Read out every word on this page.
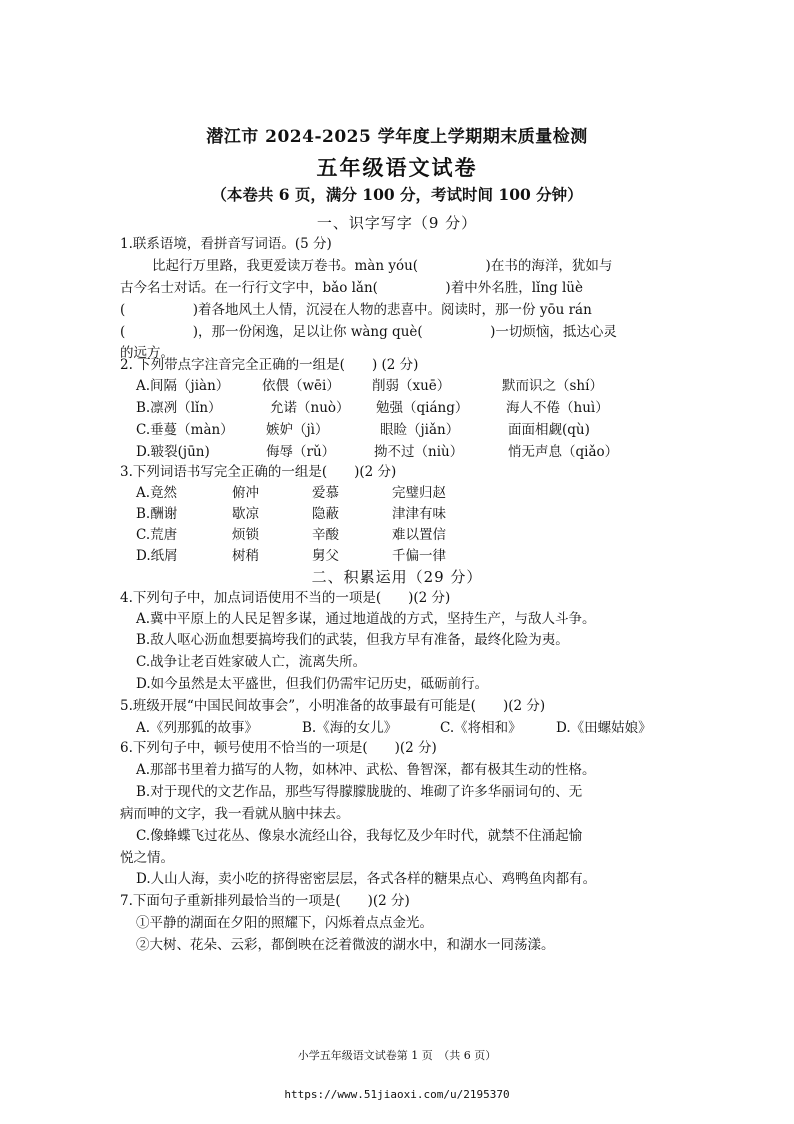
潜江市 2024-2025 学年度上学期期末质量检测
五年级语文试卷
（本卷共 6 页，满分 100 分，考试时间 100 分钟）
一、识字写字（9 分）
1.联系语境，看拼音写词语。(5 分)
比起行万里路，我更爱读万卷书。màn yóu(　　　　　)在书的海洋，犹如与
古今名士对话。在一行行文字中，bǎo lǎn(　　　　　)着中外名胜，lǐng lüè
(　　　　　)着各地风土人情，沉浸在人物的悲喜中。阅读时，那一份 yōu rán
(　　　　　)，那一份闲逸，足以让你 wàng què(　　　　　)一切烦恼，抵达心灵
的远方。
2. 下列带点字注音完全正确的一组是(　　) (2 分)
A.间隔（jiàn） 依偎（wēi） 削弱（xuē）	默而识之（shí）
B.凛冽（lǐn）	允诺（nuò） 勉强（qiáng）	海人不倦（huì）
C.垂蔓（màn） 嫉妒（jì）	眼睑（jiǎn）	面面相觑(qù)
D.皲裂(jūn)	侮辱（rǔ）	拗不过（niù）	悄无声息（qiǎo）
3.下列词语书写完全正确的一组是(　　)(2 分)
A.竟然	俯冲	爱慕	完璧归赵
B.酬谢	歇凉	隐蔽	津津有味
C.荒唐	烦锁	辛酸	难以置信
D.纸屑	树稍	舅父	千偏一律
二、积累运用（29 分）
4.下列句子中，加点词语使用不当的一项是(　　)(2 分)
A.冀中平原上的人民足智多谋，通过地道战的方式，坚持生产，与敌人斗争。
B.敌人呕心沥血想要搞垮我们的武装，但我方早有准备，最终化险为夷。
C.战争让老百姓家破人亡，流离失所。
D.如今虽然是太平盛世，但我们仍需牢记历史，砥砺前行。
5.班级开展“中国民间故事会”，小明准备的故事最有可能是(　　)(2 分)
A.《列那狐的故事》	B.《海的女儿》	C.《将相和》	D.《田螺姑娘》
6.下列句子中，顿号使用不恰当的一项是(　　)(2 分)
A.那部书里着力描写的人物，如林冲、武松、鲁智深，都有极其生动的性格。
B.对于现代的文艺作品，那些写得朦朦胧胧的、堆砌了许多华丽词句的、无
病而呻的文字，我一看就从脑中抹去。
C.像蜂蝶飞过花丛、像泉水流经山谷，我每忆及少年时代，就禁不住涌起愉
悦之情。
D.人山人海，卖小吃的挤得密密层层，各式各样的糖果点心、鸡鸭鱼肉都有。
7.下面句子重新排列最恰当的一项是(　　)(2 分)
①平静的湖面在夕阳的照耀下，闪烁着点点金光。
②大树、花朵、云彩，都倒映在泛着微波的湖水中，和湖水一同荡漾。
小学五年级语文试卷第 1 页　（共 6 页）
https://www.51jiaoxi.com/u/2195370
